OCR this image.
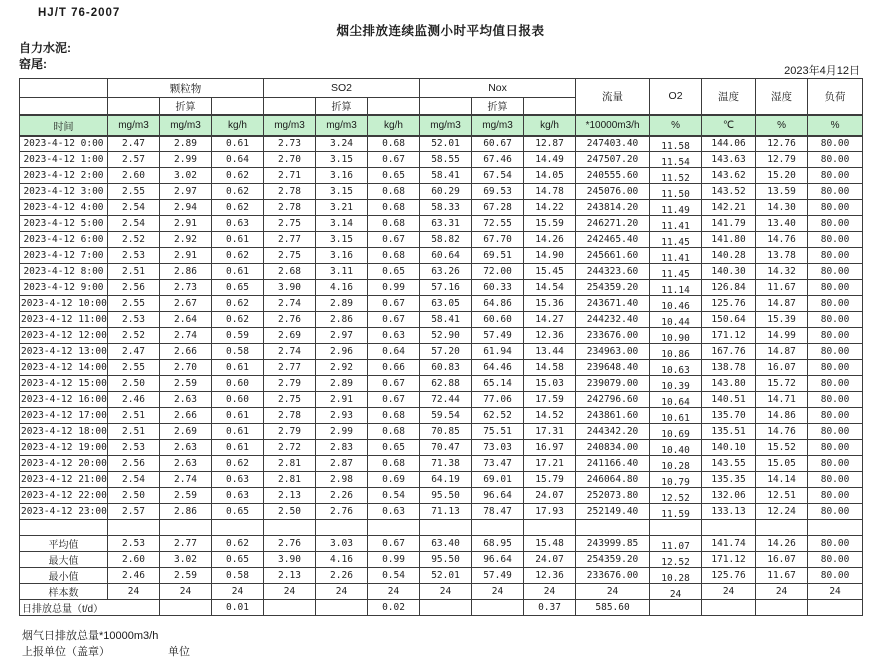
HJ/T 76-2007
烟尘排放连续监测小时平均值日报表
自力水泥:
窑尾:	2023年4月12日
	颗粒物			SO2			Nox			流量	O2	温度	湿度	负荷
		折算			折算			折算						
时间	mg/m3	mg/m3	kg/h	mg/m3	mg/m3	kg/h	mg/m3	mg/m3	kg/h	*10000m3/h	%	℃	%	%
2023-4-12 0:00	2.47	2.89	0.61	2.73	3.24	0.68	52.01	60.67	12.87	247403.40	11.58	144.06	12.76	80.00
2023-4-12 1:00	2.57	2.99	0.64	2.70	3.15	0.67	58.55	67.46	14.49	247507.20	11.54	143.63	12.79	80.00
2023-4-12 2:00	2.60	3.02	0.62	2.71	3.16	0.65	58.41	67.54	14.05	240555.60	11.52	143.62	15.20	80.00
2023-4-12 3:00	2.55	2.97	0.62	2.78	3.15	0.68	60.29	69.53	14.78	245076.00	11.50	143.52	13.59	80.00
2023-4-12 4:00	2.54	2.94	0.62	2.78	3.21	0.68	58.33	67.28	14.22	243814.20	11.49	142.21	14.30	80.00
2023-4-12 5:00	2.54	2.91	0.63	2.75	3.14	0.68	63.31	72.55	15.59	246271.20	11.41	141.79	13.40	80.00
2023-4-12 6:00	2.52	2.92	0.61	2.77	3.15	0.67	58.82	67.70	14.26	242465.40	11.45	141.80	14.76	80.00
2023-4-12 7:00	2.53	2.91	0.62	2.75	3.16	0.68	60.64	69.51	14.90	245661.60	11.41	140.28	13.78	80.00
2023-4-12 8:00	2.51	2.86	0.61	2.68	3.11	0.65	63.26	72.00	15.45	244323.60	11.45	140.30	14.32	80.00
2023-4-12 9:00	2.56	2.73	0.65	3.90	4.16	0.99	57.16	60.33	14.54	254359.20	11.14	126.84	11.67	80.00
2023-4-12 10:00	2.55	2.67	0.62	2.74	2.89	0.67	63.05	64.86	15.36	243671.40	10.46	125.76	14.87	80.00
2023-4-12 11:00	2.53	2.64	0.62	2.76	2.86	0.67	58.41	60.60	14.27	244232.40	10.44	150.64	15.39	80.00
2023-4-12 12:00	2.52	2.74	0.59	2.69	2.97	0.63	52.90	57.49	12.36	233676.00	10.90	171.12	14.99	80.00
2023-4-12 13:00	2.47	2.66	0.58	2.74	2.96	0.64	57.20	61.94	13.44	234963.00	10.86	167.76	14.87	80.00
2023-4-12 14:00	2.55	2.70	0.61	2.77	2.92	0.66	60.83	64.46	14.58	239648.40	10.63	138.78	16.07	80.00
2023-4-12 15:00	2.50	2.59	0.60	2.79	2.89	0.67	62.88	65.14	15.03	239079.00	10.39	143.80	15.72	80.00
2023-4-12 16:00	2.46	2.63	0.60	2.75	2.91	0.67	72.44	77.06	17.59	242796.60	10.64	140.51	14.71	80.00
2023-4-12 17:00	2.51	2.66	0.61	2.78	2.93	0.68	59.54	62.52	14.52	243861.60	10.61	135.70	14.86	80.00
2023-4-12 18:00	2.51	2.69	0.61	2.79	2.99	0.68	70.85	75.51	17.31	244342.20	10.69	135.51	14.76	80.00
2023-4-12 19:00	2.53	2.63	0.61	2.72	2.83	0.65	70.47	73.03	16.97	240834.00	10.40	140.10	15.52	80.00
2023-4-12 20:00	2.56	2.63	0.62	2.81	2.87	0.68	71.38	73.47	17.21	241166.40	10.28	143.55	15.05	80.00
2023-4-12 21:00	2.54	2.74	0.63	2.81	2.98	0.69	64.19	69.01	15.79	246064.80	10.79	135.35	14.14	80.00
2023-4-12 22:00	2.50	2.59	0.63	2.13	2.26	0.54	95.50	96.64	24.07	252073.80	12.52	132.06	12.51	80.00
2023-4-12 23:00	2.57	2.86	0.65	2.50	2.76	0.63	71.13	78.47	17.93	252149.40	11.59	133.13	12.24	80.00

平均值	2.53	2.77	0.62	2.76	3.03	0.67	63.40	68.95	15.48	243999.85	11.07	141.74	14.26	80.00
最大值	2.60	3.02	0.65	3.90	4.16	0.99	95.50	96.64	24.07	254359.20	12.52	171.12	16.07	80.00
最小值	2.46	2.59	0.58	2.13	2.26	0.54	52.01	57.49	12.36	233676.00	10.28	125.76	11.67	80.00
样本数	24	24	24	24	24	24	24	24	24	24	24	24	24	24
日排放总量（t/d）			0.01			0.02			0.37	585.60				
烟气日排放总量*10000m3/h
上报单位（盖章）	单位
